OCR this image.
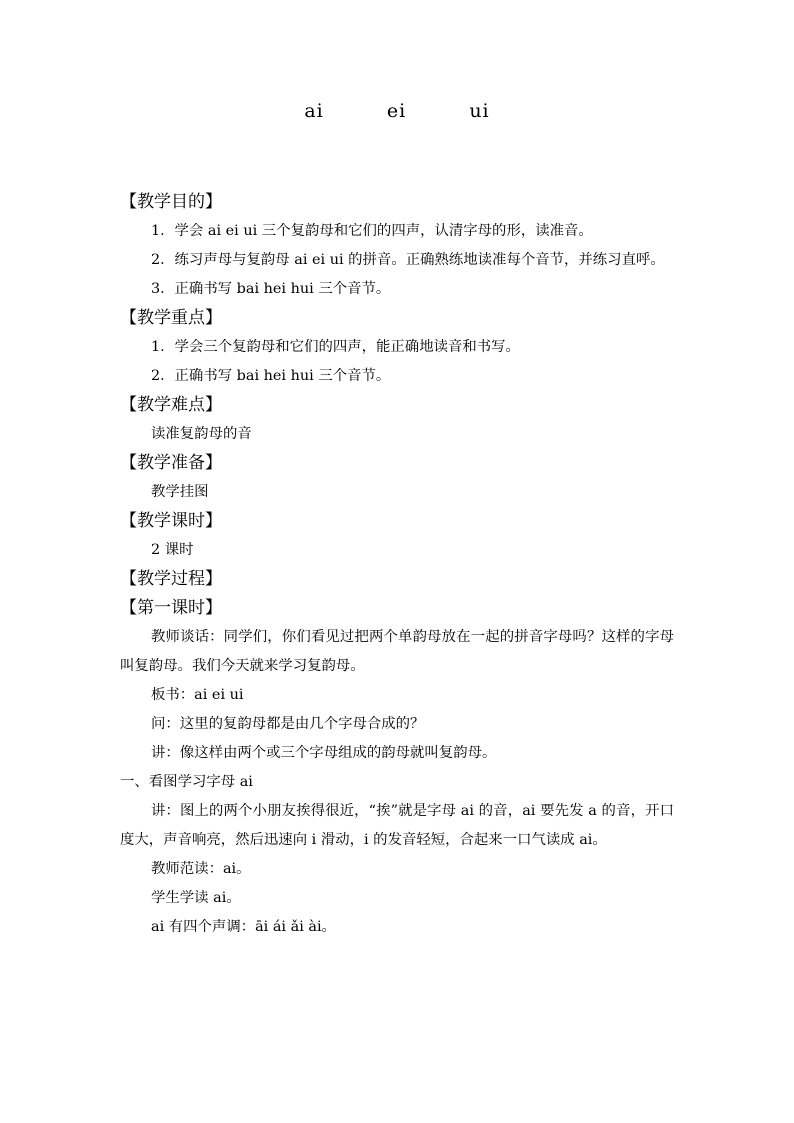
ai   ei   ui
【教学目的】
1．学会 ai ei ui 三个复韵母和它们的四声，认清字母的形，读准音。
2．练习声母与复韵母 ai ei ui 的拼音。正确熟练地读准每个音节，并练习直呼。
3．正确书写 bai hei hui 三个音节。
【教学重点】
1．学会三个复韵母和它们的四声，能正确地读音和书写。
2．正确书写 bai hei hui 三个音节。
【教学难点】
读准复韵母的音
【教学准备】
教学挂图
【教学课时】
2 课时
【教学过程】
【第一课时】
教师谈话：同学们，你们看见过把两个单韵母放在一起的拼音字母吗？这样的字母叫复韵母。我们今天就来学习复韵母。
板书：ai ei ui
问：这里的复韵母都是由几个字母合成的？
讲：像这样由两个或三个字母组成的韵母就叫复韵母。
一、看图学习字母 ai
讲：图上的两个小朋友挨得很近，“挨”就是字母 ai 的音，ai 要先发 a 的音，开口度大，声音响亮，然后迅速向 i 滑动，i 的发音轻短，合起来一口气读成 ai。
教师范读：ai。
学生学读 ai。
ai 有四个声调：āi ái ǎi ài。
